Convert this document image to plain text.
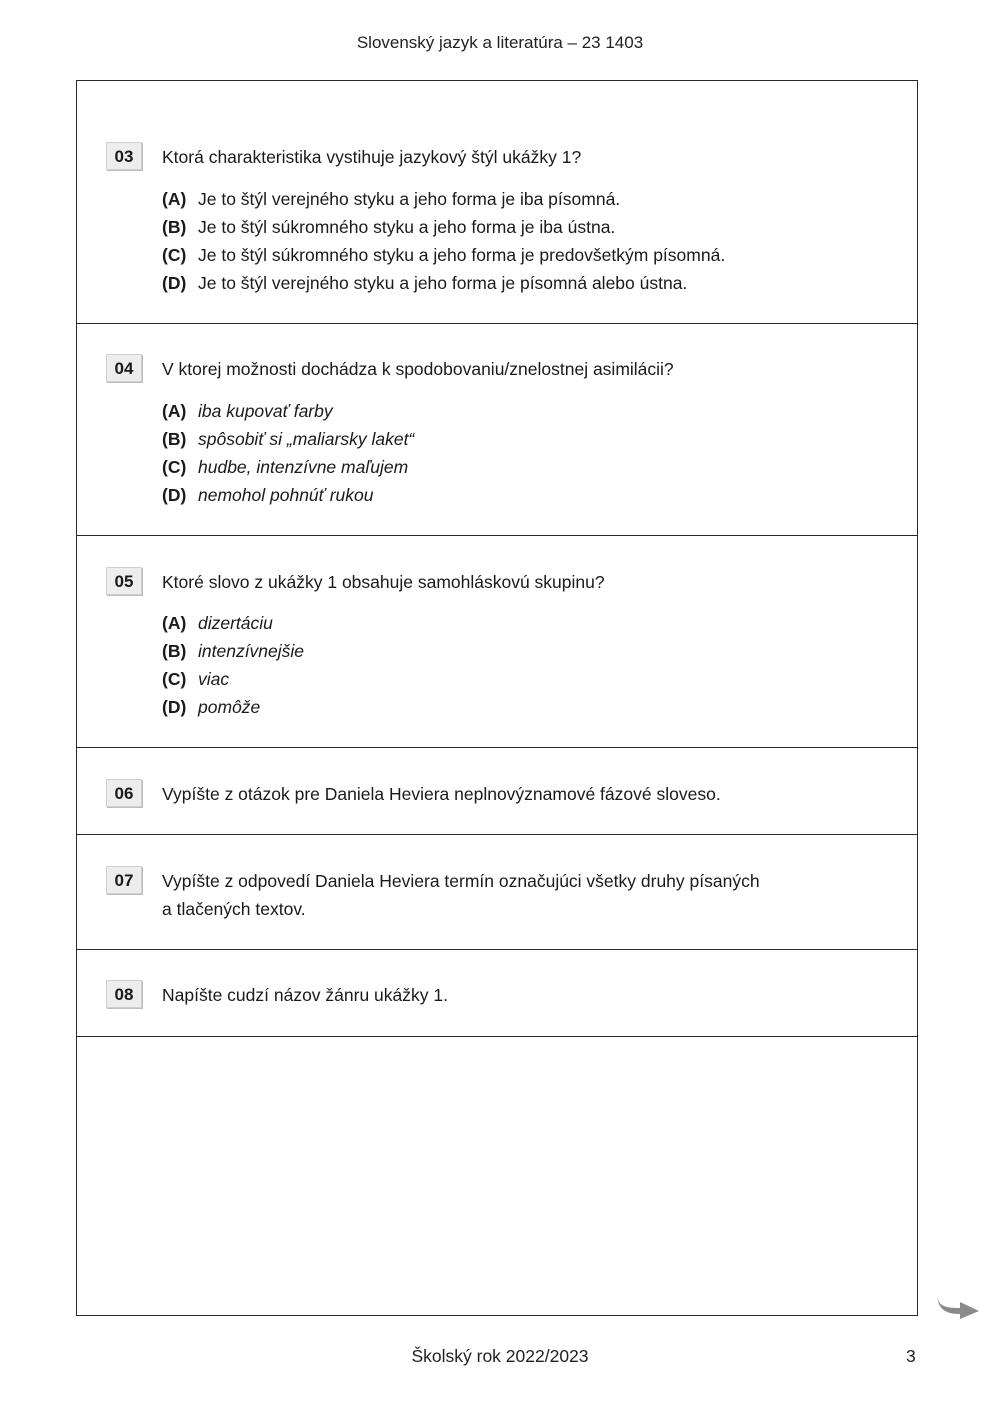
Slovenský jazyk a literatúra – 23 1403
03	Ktorá charakteristika vystihuje jazykový štýl ukážky 1?
(A) Je to štýl verejného styku a jeho forma je iba písomná.
(B) Je to štýl súkromného styku a jeho forma je iba ústna.
(C) Je to štýl súkromného styku a jeho forma je predovšetkým písomná.
(D) Je to štýl verejného styku a jeho forma je písomná alebo ústna.
04	V ktorej možnosti dochádza k spodobovaniu/znelostnej asimilácii?
(A) iba kupovať farby
(B) spôsobiť si „maliarsky laket“
(C) hudbe, intenzívne maľujem
(D) nemohol pohnúť rukou
05	Ktoré slovo z ukážky 1 obsahuje samohláskovú skupinu?
(A) dizertáciu
(B) intenzívnejšie
(C) viac
(D) pomôže
06	Vypíšte z otázok pre Daniela Heviera neplnovýznamové fázové sloveso.
07	Vypíšte z odpovedí Daniela Heviera termín označujúci všetky druhy písaných
a tlačených textov.
08	Napíšte cudzí názov žánru ukážky 1.
Školský rok 2022/2023	3
